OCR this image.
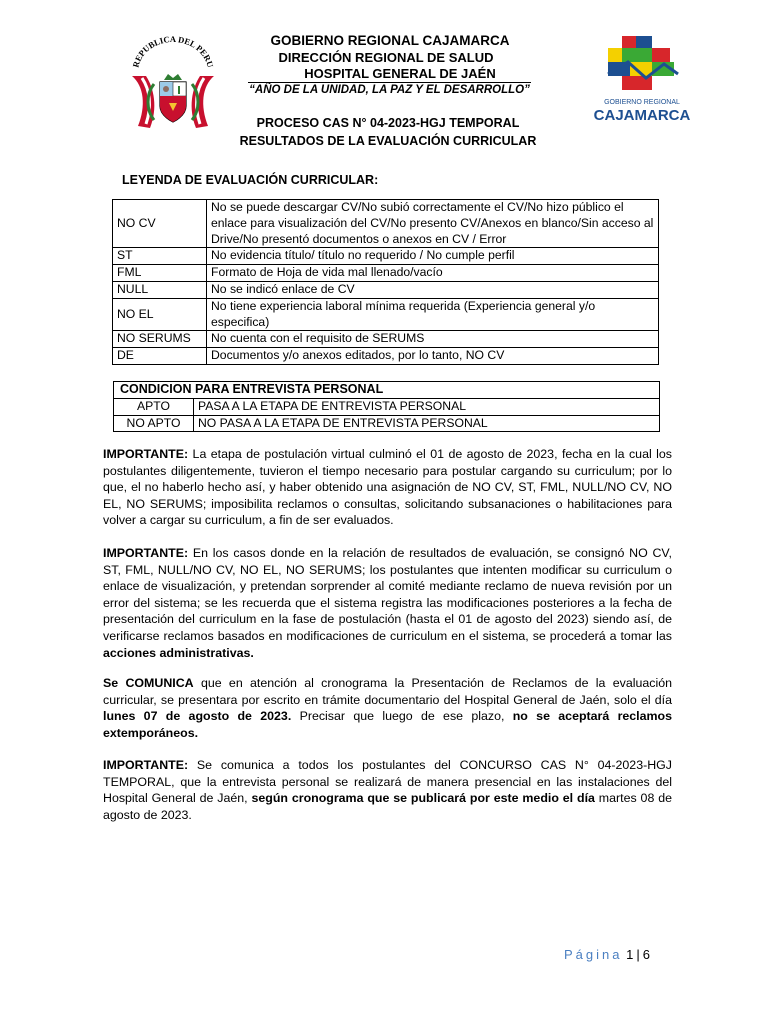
REPUBLICA DEL PERU
GOBIERNO REGIONAL
CAJAMARCA
GOBIERNO REGIONAL CAJAMARCA
DIRECCIÓN REGIONAL DE SALUD
HOSPITAL GENERAL DE JAÉN
“AÑO DE LA UNIDAD, LA PAZ Y EL DESARROLLO”
PROCESO CAS N° 04-2023-HGJ TEMPORAL
RESULTADOS DE LA EVALUACIÓN CURRICULAR
LEYENDA DE EVALUACIÓN CURRICULAR:
NO CV	No se puede descargar CV/No subió correctamente el CV/No hizo público el enlace para visualización del CV/No presento CV/Anexos en blanco/Sin acceso al Drive/No presentó documentos o anexos en CV / Error
ST	No evidencia título/ título no requerido / No cumple perfil
FML	Formato de Hoja de vida mal llenado/vacío
NULL	No se indicó enlace de CV
NO EL	No tiene experiencia laboral mínima requerida (Experiencia general y/o especifica)
NO SERUMS	No cuenta con el requisito de SERUMS
DE	Documentos y/o anexos editados, por lo tanto, NO CV
CONDICION PARA ENTREVISTA PERSONAL	
APTO	PASA A LA ETAPA DE ENTREVISTA PERSONAL
NO APTO	NO PASA A LA ETAPA DE ENTREVISTA PERSONAL
IMPORTANTE: La etapa de postulación virtual culminó el 01 de agosto de 2023, fecha en la cual los postulantes diligentemente, tuvieron el tiempo necesario para postular cargando su curriculum; por lo que, el no haberlo hecho así, y haber obtenido una asignación de NO CV, ST, FML, NULL/NO CV, NO EL, NO SERUMS; imposibilita reclamos o consultas, solicitando subsanaciones o habilitaciones para volver a cargar su curriculum, a fin de ser evaluados.
IMPORTANTE: En los casos donde en la relación de resultados de evaluación, se consignó NO CV, ST, FML, NULL/NO CV, NO EL, NO SERUMS; los postulantes que intenten modificar su curriculum o enlace de visualización, y pretendan sorprender al comité mediante reclamo de nueva revisión por un error del sistema; se les recuerda que el sistema registra las modificaciones posteriores a la fecha de presentación del curriculum en la fase de postulación (hasta el 01 de agosto del 2023) siendo así, de verificarse reclamos basados en modificaciones de curriculum en el sistema, se procederá a tomar las acciones administrativas.
Se COMUNICA que en atención al cronograma la Presentación de Reclamos de la evaluación curricular, se presentara por escrito en trámite documentario del Hospital General de Jaén, solo el día lunes 07 de agosto de 2023. Precisar que luego de ese plazo, no se aceptará reclamos extemporáneos.
IMPORTANTE: Se comunica a todos los postulantes del CONCURSO CAS N° 04-2023-HGJ TEMPORAL, que la entrevista personal se realizará de manera presencial en las instalaciones del Hospital General de Jaén, según cronograma que se publicará por este medio el día martes 08 de agosto de 2023.
Página 1 | 6
